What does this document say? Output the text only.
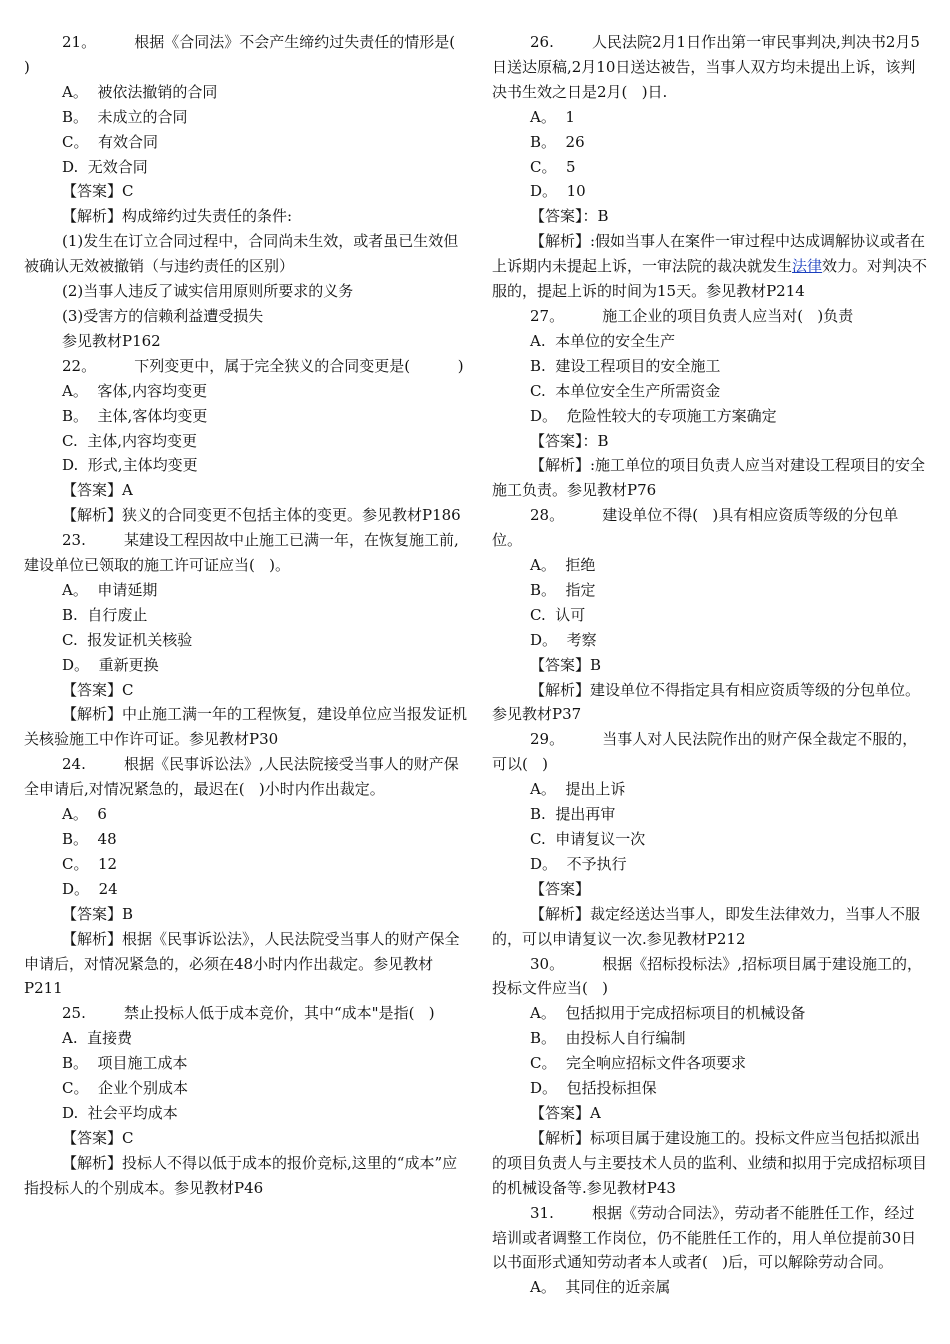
21。        根据《合同法》不会产生缔约过失责任的情形是(   )

A。  被依法撤销的合同

B。  未成立的合同

C。  有效合同

D.  无效合同

【答案】C

【解析】构成缔约过失责任的条件:

(1)发生在订立合同过程中，合同尚未生效，或者虽已生效但被确认无效被撤销（与违约责任的区别）

(2)当事人违反了诚实信用原则所要求的义务

(3)受害方的信赖利益遭受损失

参见教材P162

22。        下列变更中，属于完全狭义的合同变更是(          )

A。  客体,内容均变更

B。  主体,客体均变更

C.  主体,内容均变更

D.  形式,主体均变更

【答案】A

【解析】狭义的合同变更不包括主体的变更。参见教材P186

23.        某建设工程因故中止施工已满一年，在恢复施工前,建设单位已领取的施工许可证应当(   )。

A。  申请延期

B.  自行废止

C.  报发证机关核验

D。  重新更换

【答案】C

【解析】中止施工满一年的工程恢复，建设单位应当报发证机关核验施工中作许可证。参见教材P30

24.        根据《民事诉讼法》,人民法院接受当事人的财产保全申请后,对情况紧急的，最迟在(   )小时内作出裁定。

A。  6

B。  48

C。  12

D。  24

【答案】B

【解析】根据《民事诉讼法》，人民法院受当事人的财产保全申请后，对情况紧急的，必须在48小时内作出裁定。参见教材P211

25.        禁止投标人低于成本竞价，其中“成本"是指(   )

A.  直接费

B。  项目施工成本

C。  企业个别成本

D.  社会平均成本

【答案】C

【解析】投标人不得以低于成本的报价竞标,这里的“成本”应指投标人的个别成本。参见教材P46

26.        人民法院2月1日作出第一审民事判决,判决书2月5日送达原稿,2月10日送达被告，当事人双方均未提出上诉，该判决书生效之日是2月(   )日.

A。  1

B。  26

C。  5

D。  10

【答案】：B

【解析】:假如当事人在案件一审过程中达成调解协议或者在上诉期内未提起上诉，一审法院的裁决就发生法律效力。对判决不服的，提起上诉的时间为15天。参见教材P214

27。        施工企业的项目负责人应当对(   )负责

A.  本单位的安全生产

B.  建设工程项目的安全施工

C.  本单位安全生产所需资金

D。  危险性较大的专项施工方案确定

【答案】：B

【解析】:施工单位的项目负责人应当对建设工程项目的安全施工负责。参见教材P76

28。        建设单位不得(   )具有相应资质等级的分包单位。

A。  拒绝

B。  指定

C.  认可

D。  考察

【答案】B

【解析】建设单位不得指定具有相应资质等级的分包单位。参见教材P37

29。        当事人对人民法院作出的财产保全裁定不服的，可以(   )

A。  提出上诉

B.  提出再审

C.  申请复议一次

D。  不予执行

【答案】

【解析】裁定经送达当事人，即发生法律效力，当事人不服的，可以申请复议一次.参见教材P212

30。        根据《招标投标法》,招标项目属于建设施工的，投标文件应当(   )

A。  包括拟用于完成招标项目的机械设备

B。  由投标人自行编制

C。  完全响应招标文件各项要求

D。  包括投标担保

【答案】A

【解析】标项目属于建设施工的。投标文件应当包括拟派出的项目负责人与主要技术人员的监利、业绩和拟用于完成招标项目的机械设备等.参见教材P43

31.        根据《劳动合同法》，劳动者不能胜任工作，经过培训或者调整工作岗位，仍不能胜任工作的，用人单位提前30日以书面形式通知劳动者本人或者(   )后，可以解除劳动合同。

A。  其同住的近亲属
